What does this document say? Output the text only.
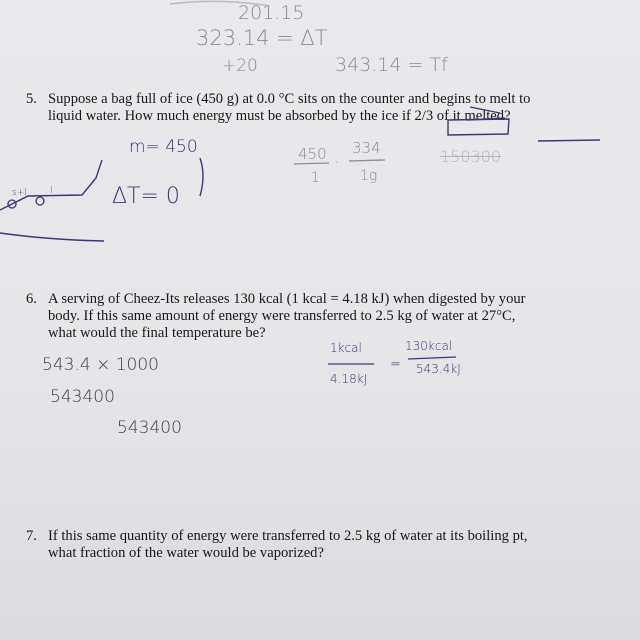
201.15
323.14 = ΔT
+20	343.14 = Tf
5. Suppose a bag full of ice (450 g) at 0.0 °C sits on the counter and begins to melt to
liquid water. How much energy must be absorbed by the ice if 2/3 of it melted?
m= 450
ΔT= 0
450
1
·
334
1g
150300
s+l	l
6. A serving of Cheez-Its releases 130 kcal (1 kcal = 4.18 kJ) when digested by your
body. If this same amount of energy were transferred to 2.5 kg of water at 27°C,
what would the final temperature be?
543.4 × 1000
543400
543400
1kcal
4.18kJ
=
130kcal
543.4kJ
7. If this same quantity of energy were transferred to 2.5 kg of water at its boiling pt,
what fraction of the water would be vaporized?
